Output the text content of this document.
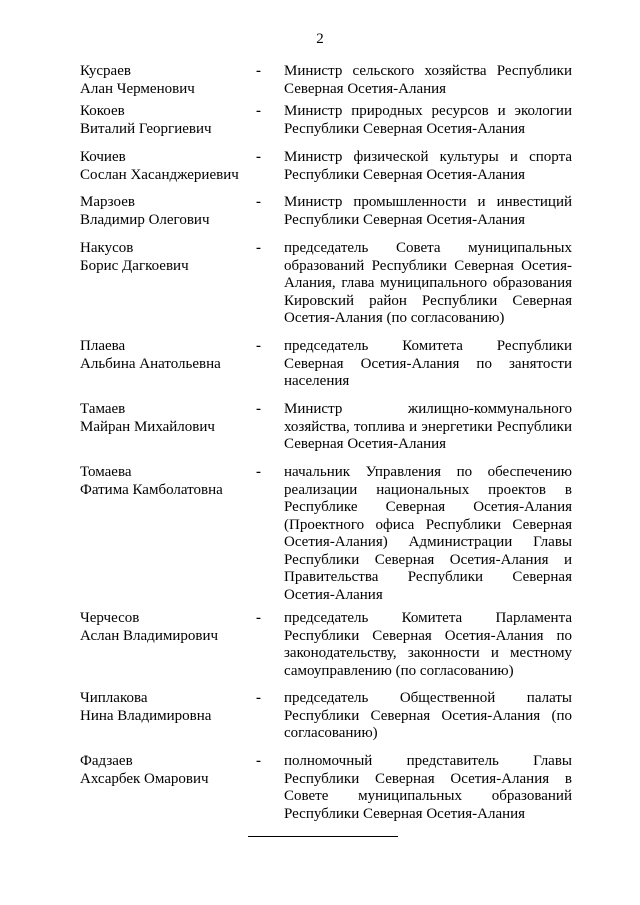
2
Кусраев
Алан Черменович
-	Министр сельского хозяйства Республики Северная Осетия-Алания
Кокоев
Виталий Георгиевич
-	Министр природных ресурсов и экологии Республики Северная Осетия-Алания
Кочиев
Сослан Хасанджериевич
-	Министр физической культуры и спорта Республики Северная Осетия-Алания
Марзоев
Владимир Олегович
-	Министр промышленности и инвестиций Республики Северная Осетия-Алания
Накусов
Борис Дагкоевич
-	председатель Совета муниципальных образований Республики Северная Осетия-Алания, глава муниципального образования Кировский район Республики Северная Осетия-Алания (по согласованию)
Плаева
Альбина Анатольевна
-	председатель Комитета Республики Северная Осетия-Алания по занятости населения
Тамаев
Майран Михайлович
-	Министр жилищно-коммунального хозяйства, топлива и энергетики Республики Северная Осетия-Алания
Томаева
Фатима Камболатовна
-	начальник Управления по обеспечению реализации национальных проектов в Республике Северная Осетия-Алания (Проектного офиса Республики Северная Осетия-Алания) Администрации Главы Республики Северная Осетия-Алания и Правительства Республики Северная Осетия-Алания
Черчесов
Аслан Владимирович
-	председатель Комитета Парламента Республики Северная Осетия-Алания по законодательству, законности и местному самоуправлению (по согласованию)
Чиплакова
Нина Владимировна
-	председатель Общественной палаты Республики Северная Осетия-Алания (по согласованию)
Фадзаев
Ахсарбек Омарович
-	полномочный представитель Главы Республики Северная Осетия-Алания в Совете муниципальных образований Республики Северная Осетия-Алания
